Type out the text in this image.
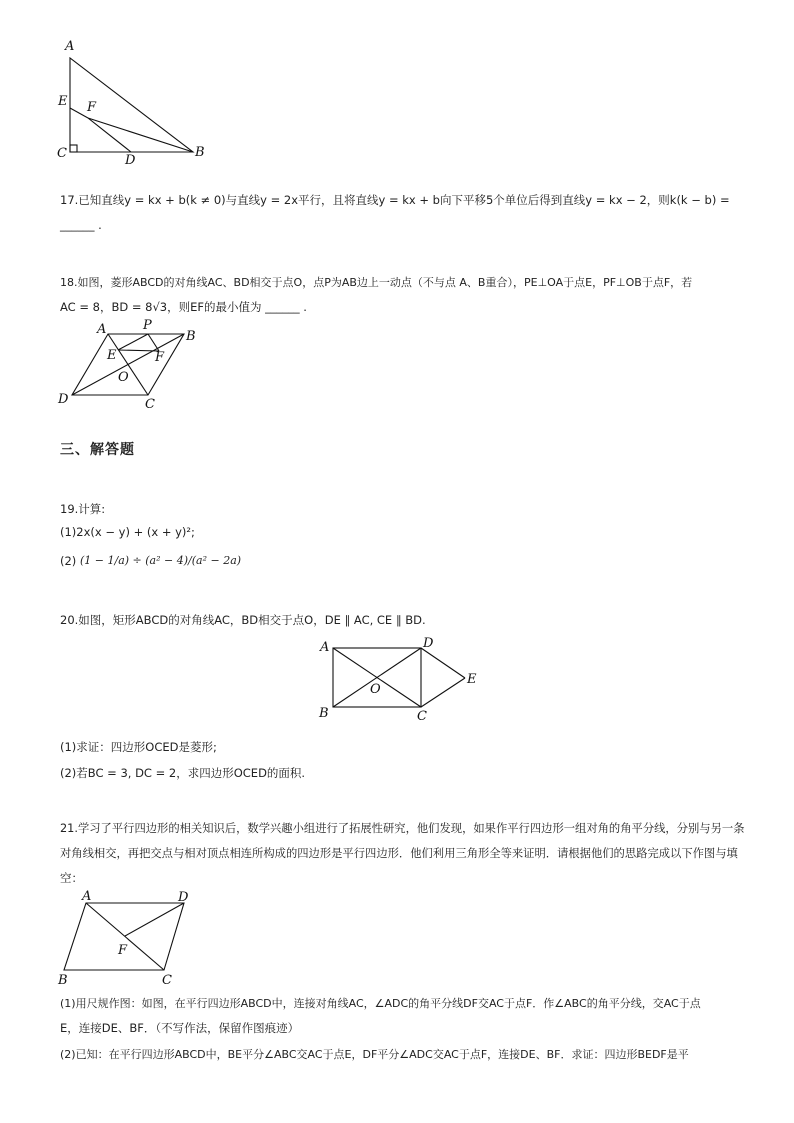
A
E F
C	D
B
17.已知直线y = kx + b(k ≠ 0)与直线y = 2x平行，且将直线y = kx + b向下平移5个单位后得到直线y = kx − 2，则k(k − b) =
______ .
18.如图，菱形ABCD的对角线AC、BD相交于点O，点P为AB边上一动点（不与点 A、B重合），PE⊥OA于点E，PF⊥OB于点F，若
AC = 8，BD = 8√3，则EF的最小值为 ______ .
A	P
B
E	F
O
D	C
三、解答题
19.计算:
(1)2x(x − y) + (x + y)²;
(2) (1 − 1/a) ÷ (a² − 4)/(a² − 2a)
20.如图，矩形ABCD的对角线AC，BD相交于点O，DE ∥ AC, CE ∥ BD.
A	D
E
O
B	C
(1)求证：四边形OCED是菱形;
(2)若BC = 3, DC = 2，求四边形OCED的面积.
21.学习了平行四边形的相关知识后，数学兴趣小组进行了拓展性研究，他们发现，如果作平行四边形一组对角的角平分线，分别与另一条
对角线相交，再把交点与相对顶点相连所构成的四边形是平行四边形．他们利用三角形全等来证明．请根据他们的思路完成以下作图与填
空：
A	D
F
B	C
(1)用尺规作图：如图，在平行四边形ABCD中，连接对角线AC，∠ADC的角平分线DF交AC于点F．作∠ABC的角平分线，交AC于点
E，连接DE、BF．（不写作法，保留作图痕迹）
(2)已知：在平行四边形ABCD中，BE平分∠ABC交AC于点E，DF平分∠ADC交AC于点F，连接DE、BF．求证：四边形BEDF是平
